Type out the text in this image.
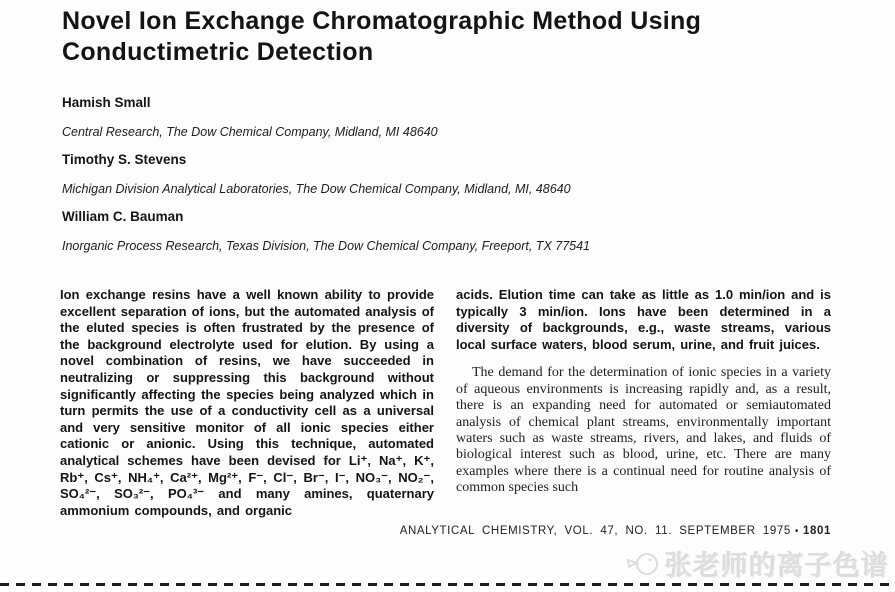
Novel Ion Exchange Chromatographic Method Using
Conductimetric Detection
Hamish Small
Central Research, The Dow Chemical Company, Midland, MI 48640
Timothy S. Stevens
Michigan Division Analytical Laboratories, The Dow Chemical Company, Midland, MI, 48640
William C. Bauman
Inorganic Process Research, Texas Division, The Dow Chemical Company, Freeport, TX 77541

Ion exchange resins have a well known ability to provide excellent separation of ions, but the automated analysis of the eluted species is often frustrated by the presence of the background electrolyte used for elution. By using a novel combination of resins, we have succeeded in neutralizing or suppressing this background without significantly affecting the species being analyzed which in turn permits the use of a conductivity cell as a universal and very sensitive monitor of all ionic species either cationic or anionic. Using this technique, automated analytical schemes have been devised for Li⁺, Na⁺, K⁺, Rb⁺, Cs⁺, NH₄⁺, Ca²⁺, Mg²⁺, F⁻, Cl⁻, Br⁻, I⁻, NO₃⁻, NO₂⁻, SO₄²⁻, SO₃²⁻, PO₄³⁻ and many amines, quaternary ammonium compounds, and organic

acids. Elution time can take as little as 1.0 min/ion and is typically 3 min/ion. Ions have been determined in a diversity of backgrounds, e.g., waste streams, various local surface waters, blood serum, urine, and fruit juices.

The demand for the determination of ionic species in a variety of aqueous environments is increasing rapidly and, as a result, there is an expanding need for automated or semiautomated analysis of chemical plant streams, environmentally important waters such as waste streams, rivers, and lakes, and fluids of biological interest such as blood, urine, etc. There are many examples where there is a continual need for routine analysis of common species such

ANALYTICAL CHEMISTRY, VOL. 47, NO. 11. SEPTEMBER 1975 • 1801
张老师的离子色谱
